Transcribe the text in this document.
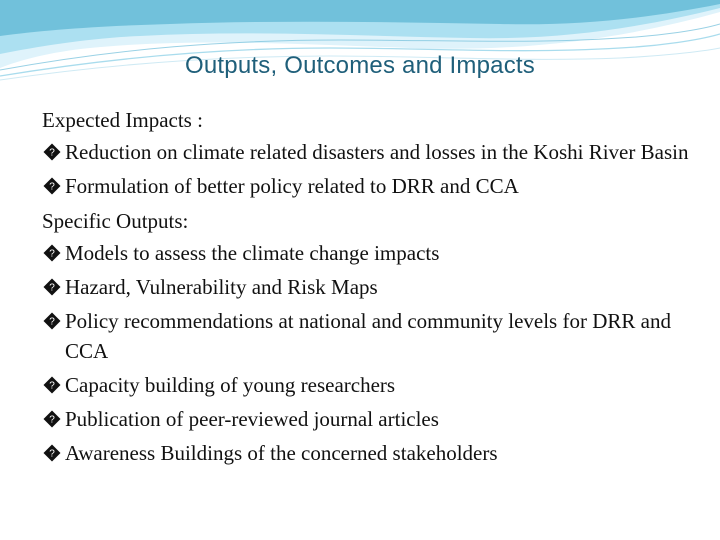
Outputs, Outcomes and Impacts
Expected Impacts :
? Reduction on climate related disasters and losses in the Koshi River Basin
? Formulation of better policy related to DRR and CCA
Specific Outputs:
? Models to assess the climate change impacts
? Hazard, Vulnerability and Risk Maps
? Policy recommendations at national and community levels for DRR and CCA
? Capacity building of young researchers
? Publication of peer-reviewed journal articles
? Awareness Buildings of the concerned stakeholders
